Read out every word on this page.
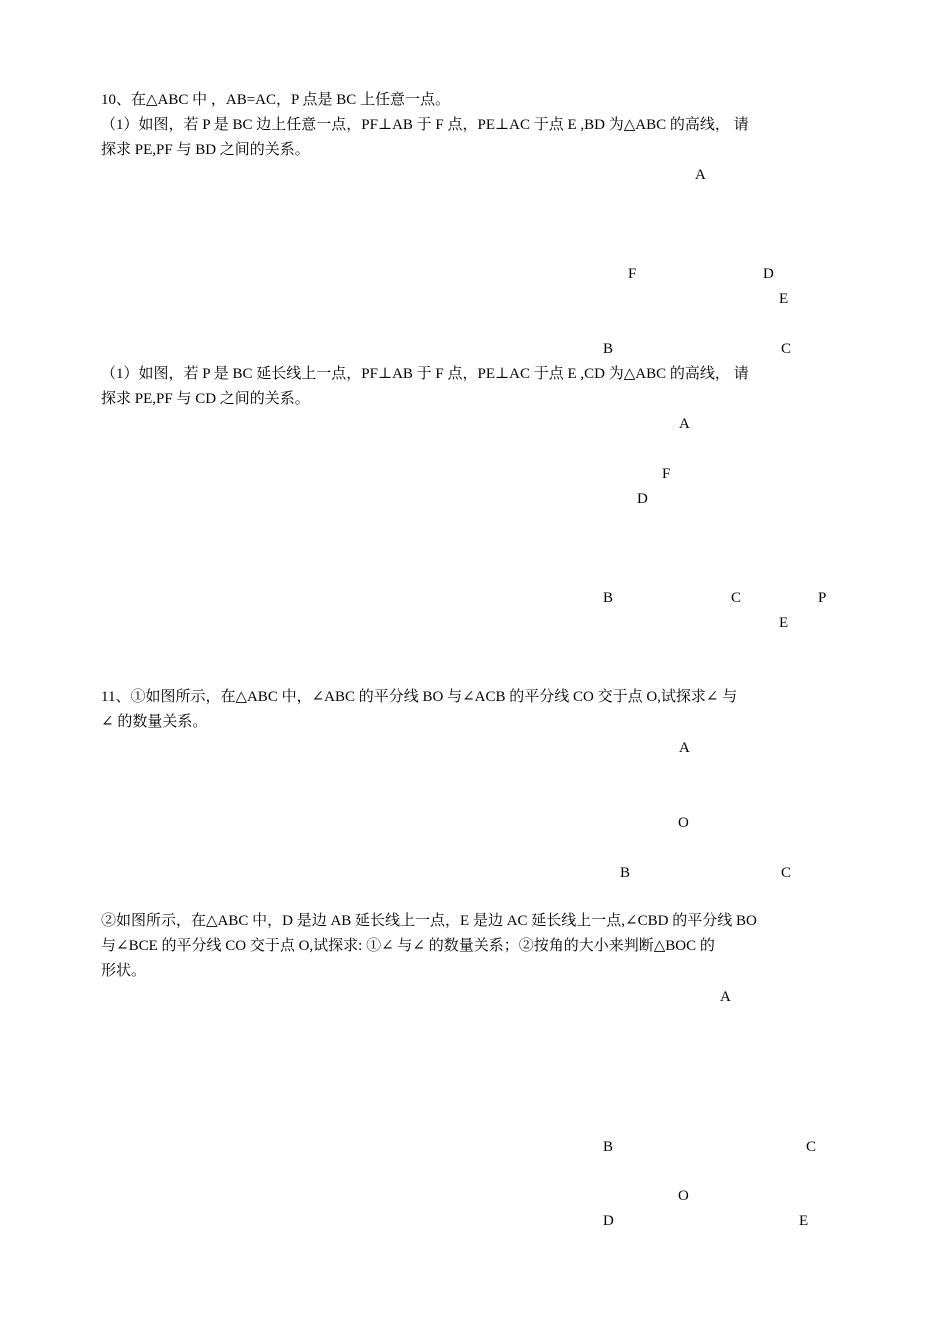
10、在△ABC 中 ，AB=AC，P 点是 BC 上任意一点。
（1）如图，若 P 是 BC 边上任意一点，PF⊥AB 于 F 点，PE⊥AC 于点 E ,BD 为△ABC 的高线， 请
探求 PE,PF 与 BD 之间的关系。
A
F	D
E
B	C
（1）如图，若 P 是 BC 延长线上一点，PF⊥AB 于 F 点，PE⊥AC 于点 E ,CD 为△ABC 的高线， 请
探求 PE,PF 与 CD 之间的关系。
A
F
D
B	C	P
E
11、①如图所示，在△ABC 中，∠ABC 的平分线 BO 与∠ACB 的平分线 CO 交于点 O,试探求∠ 与
∠ 的数量关系。
A
O
B	C
②如图所示，在△ABC 中，D 是边 AB 延长线上一点，E 是边 AC 延长线上一点,∠CBD 的平分线 BO
与∠BCE 的平分线 CO 交于点 O,试探求: ①∠ 与∠ 的数量关系；②按角的大小来判断△BOC 的
形状。
A
B	C
O
D	E
